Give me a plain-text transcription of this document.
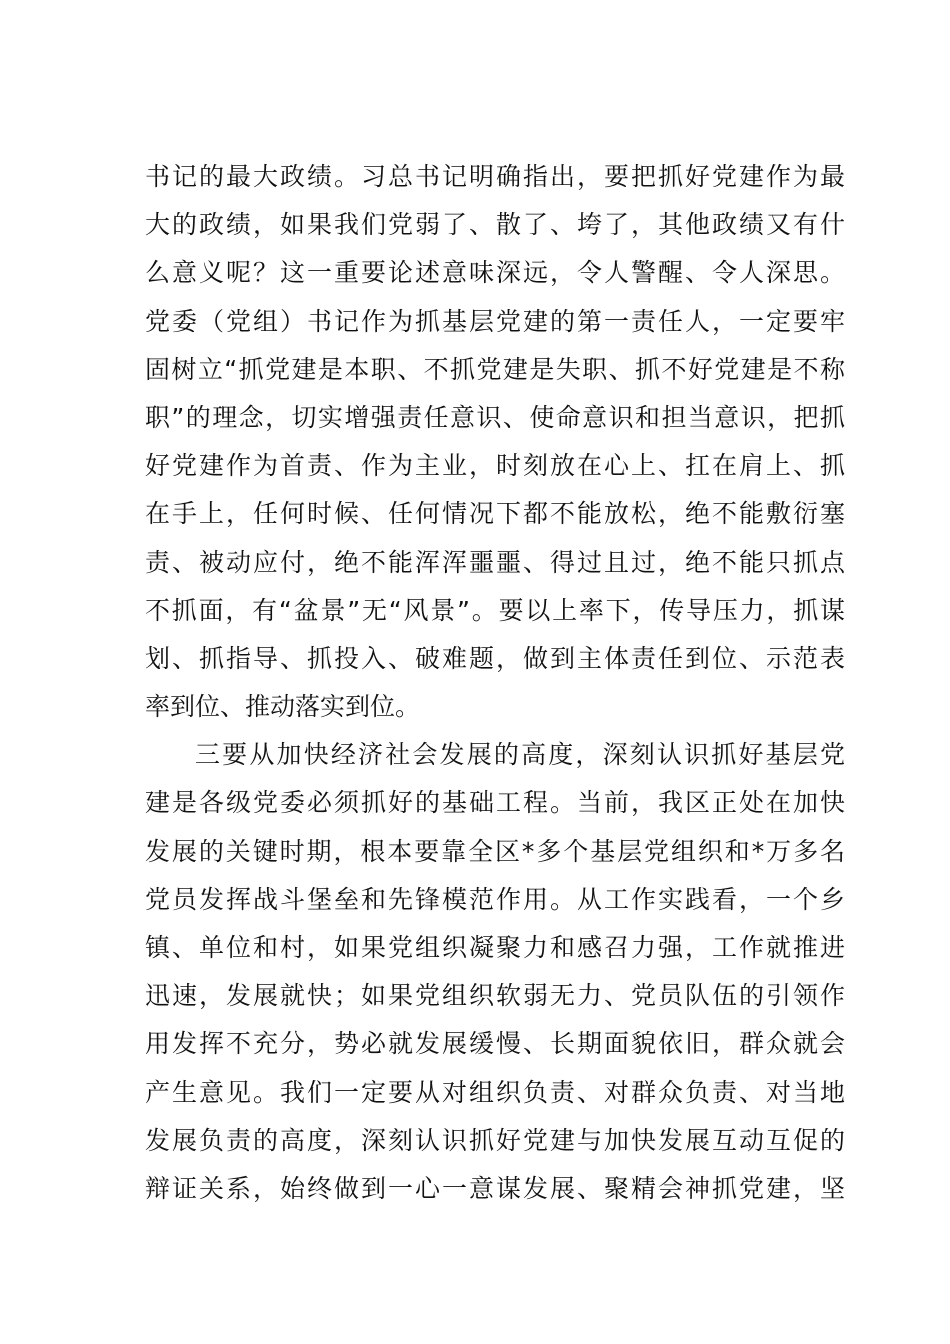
书记的最大政绩。习总书记明确指出，要把抓好党建作为最
大的政绩，如果我们党弱了、散了、垮了，其他政绩又有什
么意义呢？这一重要论述意味深远，令人警醒、令人深思。
党委（党组）书记作为抓基层党建的第一责任人，一定要牢
固树立“抓党建是本职、不抓党建是失职、抓不好党建是不称
职”的理念，切实增强责任意识、使命意识和担当意识，把抓
好党建作为首责、作为主业，时刻放在心上、扛在肩上、抓
在手上，任何时候、任何情况下都不能放松，绝不能敷衍塞
责、被动应付，绝不能浑浑噩噩、得过且过，绝不能只抓点
不抓面，有“盆景”无“风景”。要以上率下，传导压力，抓谋
划、抓指导、抓投入、破难题，做到主体责任到位、示范表
率到位、推动落实到位。
三要从加快经济社会发展的高度，深刻认识抓好基层党
建是各级党委必须抓好的基础工程。当前，我区正处在加快
发展的关键时期，根本要靠全区*多个基层党组织和*万多名
党员发挥战斗堡垒和先锋模范作用。从工作实践看，一个乡
镇、单位和村，如果党组织凝聚力和感召力强，工作就推进
迅速，发展就快；如果党组织软弱无力、党员队伍的引领作
用发挥不充分，势必就发展缓慢、长期面貌依旧，群众就会
产生意见。我们一定要从对组织负责、对群众负责、对当地
发展负责的高度，深刻认识抓好党建与加快发展互动互促的
辩证关系，始终做到一心一意谋发展、聚精会神抓党建，坚
